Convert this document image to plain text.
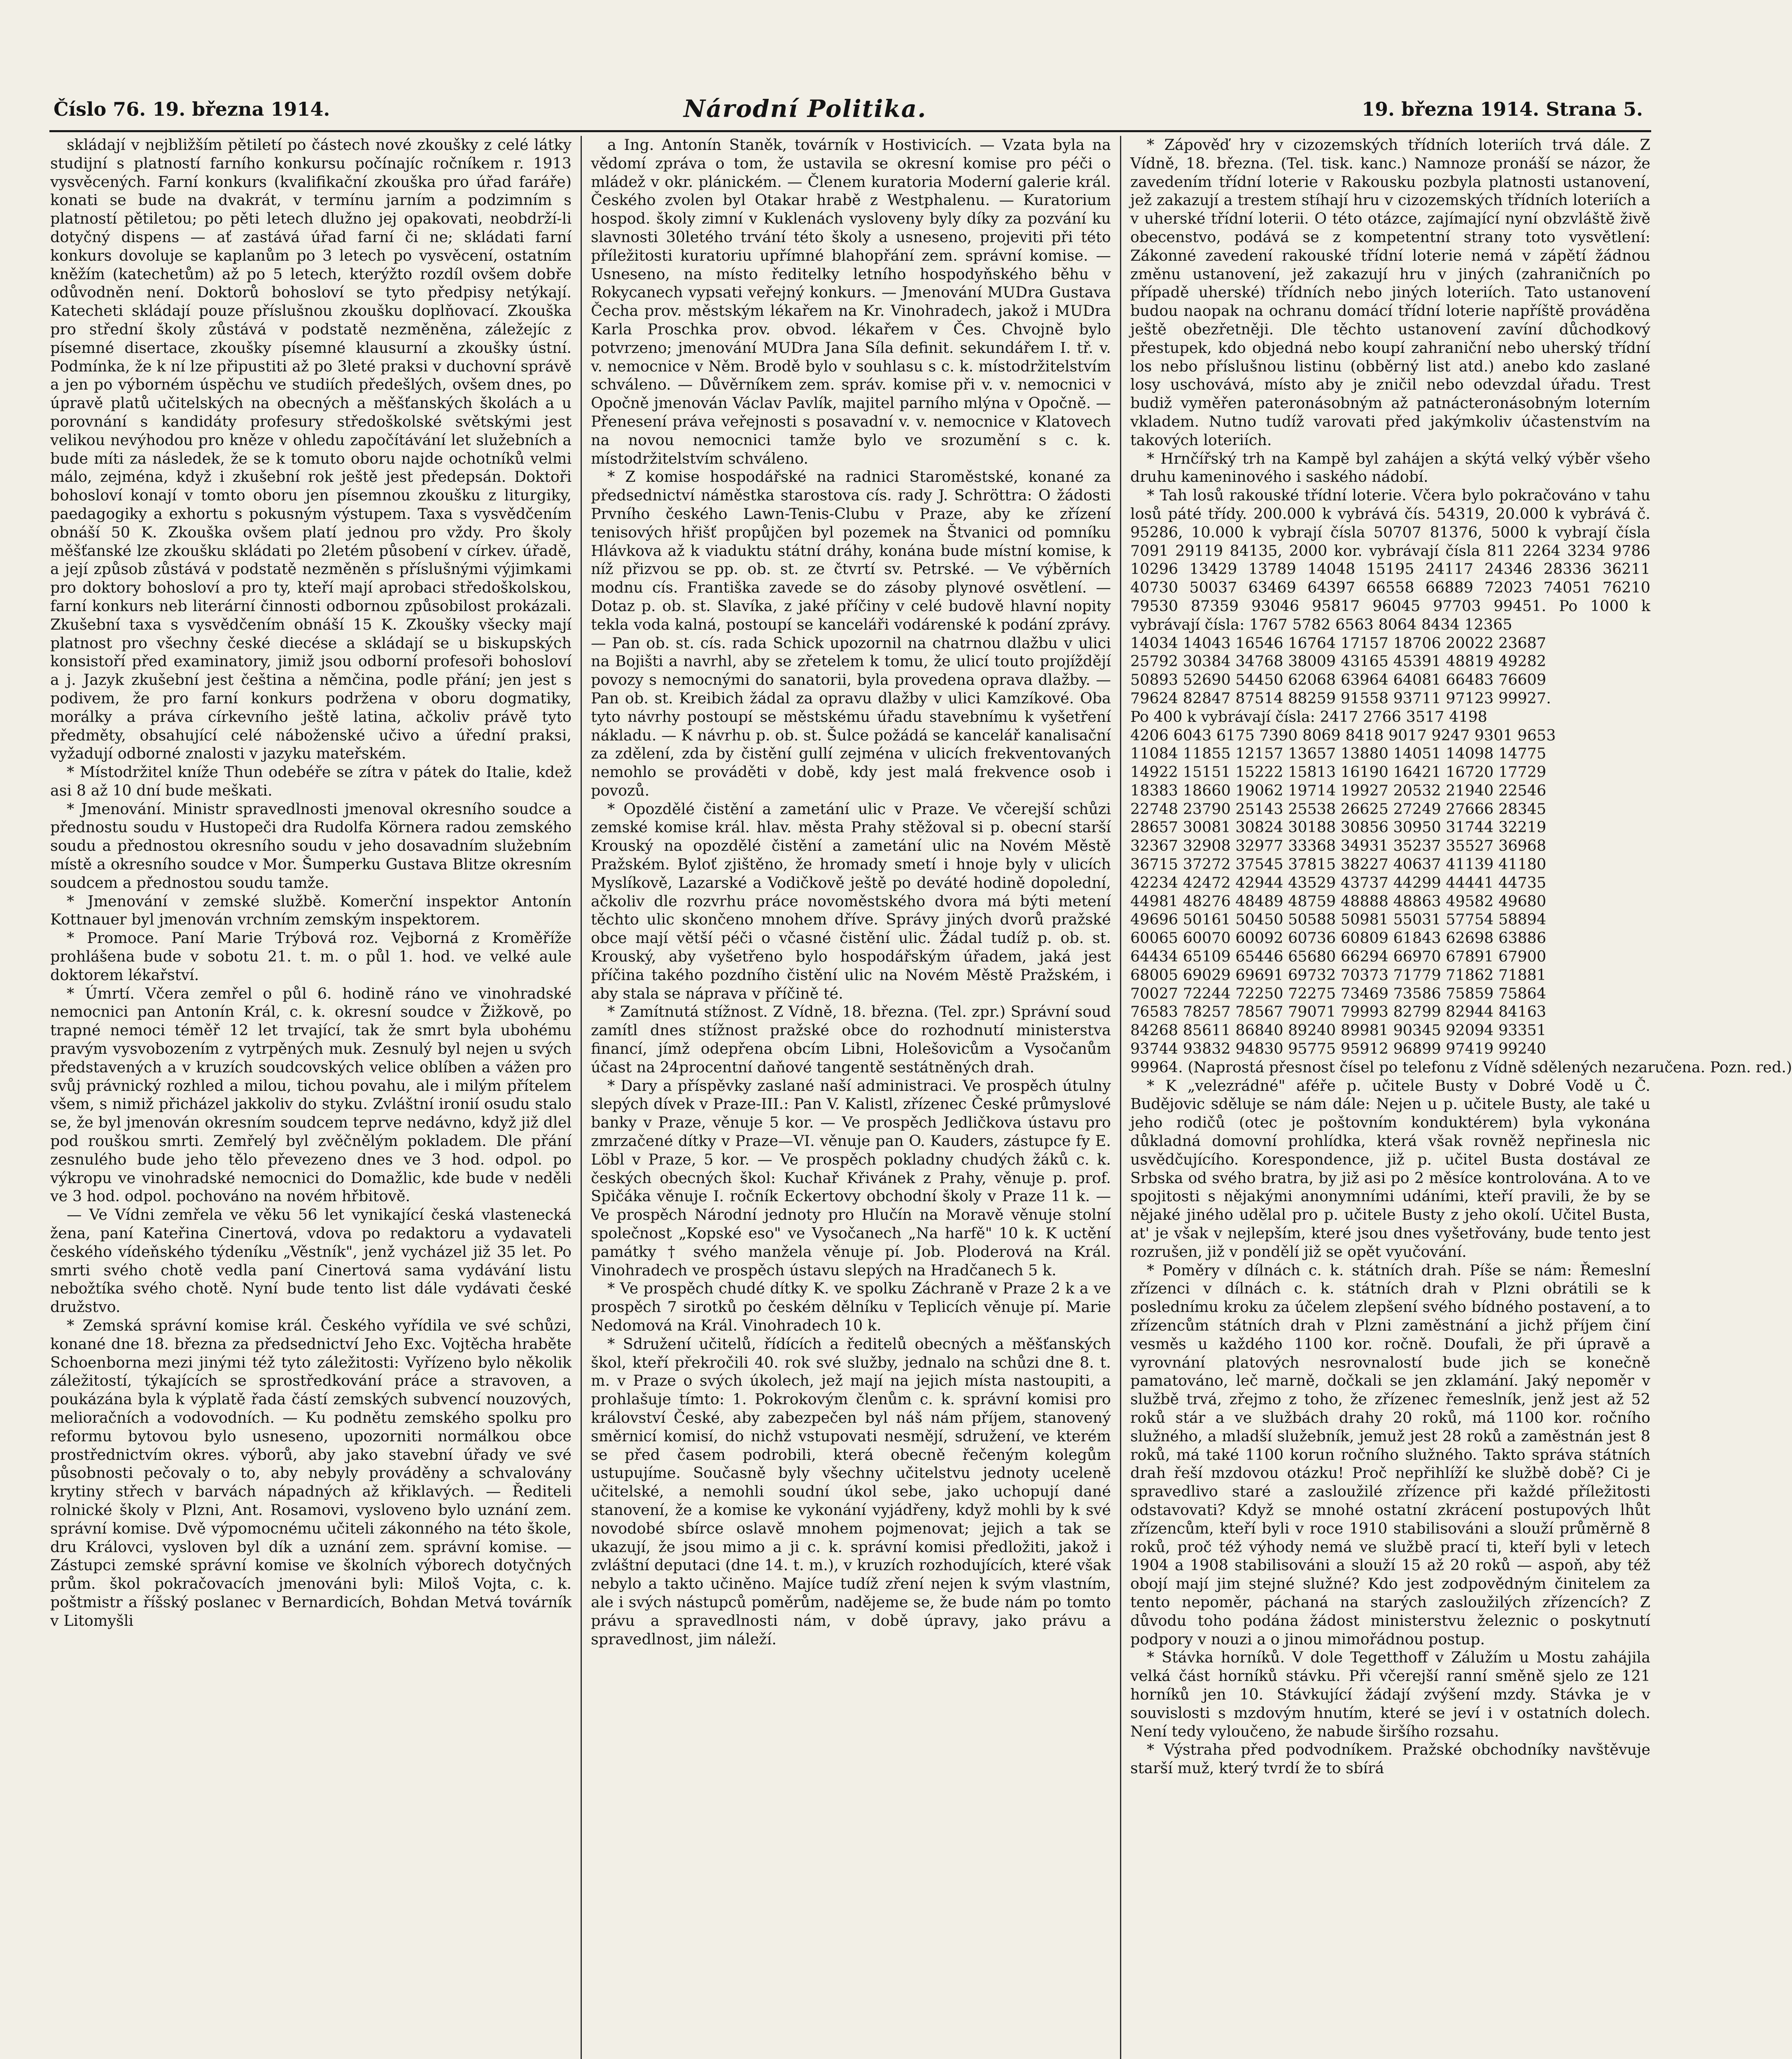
Číslo 76. 19. března 1914.	Národní Politika.	19. března 1914. Strana 5.

skládají v nejbližším pětiletí po částech nové zkoušky z celé látky studijní s platností farního konkursu počínajíc ročníkem r. 1913 vysvěcených. Farní konkurs (kvalifikační zkouška pro úřad faráře) konati se bude na dvakrát, v termínu jarním a podzimním s platností pětiletou; po pěti letech dlužno jej opakovati, neobdrží-li dotyčný dispens — ať zastává úřad farní či ne; skládati farní konkurs dovoluje se kaplanům po 3 letech po vysvěcení, ostatním kněžím (katechetům) až po 5 letech, kterýžto rozdíl ovšem dobře odůvodněn není. Doktorů bohosloví se tyto předpisy netýkají. Katecheti skládají pouze příslušnou zkoušku doplňovací. Zkouška pro střední školy zůstává v podstatě nezměněna, záležejíc z písemné disertace, zkoušky písemné klausurní a zkoušky ústní. Podmínka, že k ní lze připustiti až po 3leté praksi v duchovní správě a jen po výborném úspěchu ve studiích předešlých, ovšem dnes, po úpravě platů učitelských na obecných a měšťanských školách a u porovnání s kandidáty profesury středoškolské světskými jest velikou nevýhodou pro kněze v ohledu započítávání let služebních a bude míti za následek, že se k tomuto oboru najde ochotníků velmi málo, zejména, když i zkušební rok ještě jest předepsán. Doktoři bohosloví konají v tomto oboru jen písemnou zkoušku z liturgiky, paedagogiky a exhortu s pokusným výstupem. Taxa s vysvědčením obnáší 50 K. Zkouška ovšem platí jednou pro vždy. Pro školy měšťanské lze zkoušku skládati po 2letém působení v církev. úřadě, a její způsob zůstává v podstatě nezměněn s příslušnými výjimkami pro doktory bohosloví a pro ty, kteří mají aprobaci středoškolskou, farní konkurs neb literární činnosti odbornou způsobilost prokázali. Zkušební taxa s vysvědčením obnáší 15 K. Zkoušky všecky mají platnost pro všechny české diecése a skládají se u biskupských konsistoří před examinatory, jimiž jsou odborní profesoři bohosloví a j. Jazyk zkušební jest čeština a němčina, podle přání; jen jest s podivem, že pro farní konkurs podržena v oboru dogmatiky, morálky a práva církevního ještě latina, ačkoliv právě tyto předměty, obsahující celé náboženské učivo a úřední praksi, vyžadují odborné znalosti v jazyku mateřském.

* Místodržitel kníže Thun odebéře se zítra v pátek do Italie, kdež asi 8 až 10 dní bude meškati.

* Jmenování. Ministr spravedlnosti jmenoval okresního soudce a přednostu soudu v Hustopeči dra Rudolfa Körnera radou zemského soudu a přednostou okresního soudu v jeho dosavadním služebním místě a okresního soudce v Mor. Šumperku Gustava Blitze okresním soudcem a přednostou soudu tamže.

* Jmenování v zemské službě. Komerční inspektor Antonín Kottnauer byl jmenován vrchním zemským inspektorem.

* Promoce. Paní Marie Trýbová roz. Vejborná z Kroměříže prohlášena bude v sobotu 21. t. m. o půl 1. hod. ve velké aule doktorem lékařství.

* Úmrtí. Včera zemřel o půl 6. hodině ráno ve vinohradské nemocnici pan Antonín Král, c. k. okresní soudce v Žižkově, po trapné nemoci téměř 12 let trvající, tak že smrt byla ubohému pravým vysvobozením z vytrpěných muk. Zesnulý byl nejen u svých představených a v kruzích soudcovských velice oblíben a vážen pro svůj právnický rozhled a milou, tichou povahu, ale i milým přítelem všem, s nimiž přicházel jakkoliv do styku. Zvláštní ironií osudu stalo se, že byl jmenován okresním soudcem teprve nedávno, když již dlel pod rouškou smrti. Zemřelý byl zvěčnělým pokladem. Dle přání zesnulého bude jeho tělo převezeno dnes ve 3 hod. odpol. po výkropu ve vinohradské nemocnici do Domažlic, kde bude v neděli ve 3 hod. odpol. pochováno na novém hřbitově.

— Ve Vídni zemřela ve věku 56 let vynikající česká vlastenecká žena, paní Kateřina Cinertová, vdova po redaktoru a vydavateli českého vídeňského týdeníku „Věstník", jenž vycházel již 35 let. Po smrti svého chotě vedla paní Cinertová sama vydávání listu nebožtíka svého chotě. Nyní bude tento list dále vydávati české družstvo.

* Zemská správní komise král. Českého vyřídila ve své schůzi, konané dne 18. března za předsednictví Jeho Exc. Vojtěcha hraběte Schoenborna mezi jinými též tyto záležitosti: Vyřízeno bylo několik záležitostí, týkajících se sprostředkování práce a stravoven, a poukázána byla k výplatě řada částí zemských subvencí nouzových, melioračních a vodovodních. — Ku podnětu zemského spolku pro reformu bytovou bylo usneseno, upozorniti normálkou obce prostřednictvím okres. výborů, aby jako stavební úřady ve své působnosti pečovaly o to, aby nebyly prováděny a schvalovány krytiny střech v barvách nápadných až křiklavých. — Řediteli rolnické školy v Plzni, Ant. Rosamovi, vysloveno bylo uznání zem. správní komise. Dvě výpomocnému učiteli zákonného na této škole, dru Královci, vysloven byl dík a uznání zem. správní komise. — Zástupci zemské správní komise ve školních výborech dotyčných prům. škol pokračovacích jmenováni byli: Miloš Vojta, c. k. poštmistr a říšský poslanec v Bernardicích, Bohdan Metvá továrník v Litomyšli

a Ing. Antonín Staněk, továrník v Hostivicích. — Vzata byla na vědomí zpráva o tom, že ustavila se okresní komise pro péči o mládež v okr. plánickém. — Členem kuratoria Moderní galerie král. Českého zvolen byl Otakar hrabě z Westphalenu. — Kuratorium hospod. školy zimní v Kuklenách vysloveny byly díky za pozvání ku slavnosti 30letého trvání této školy a usneseno, projeviti při této příležitosti kuratoriu upřímné blahopřání zem. správní komise. — Usneseno, na místo ředitelky letního hospodyňského běhu v Rokycanech vypsati veřejný konkurs. — Jmenování MUDra Gustava Čecha prov. městským lékařem na Kr. Vinohradech, jakož i MUDra Karla Proschka prov. obvod. lékařem v Čes. Chvojně bylo potvrzeno; jmenování MUDra Jana Síla definit. sekundářem I. tř. v. v. nemocnice v Něm. Brodě bylo v souhlasu s c. k. místodržitelstvím schváleno. — Důvěrníkem zem. správ. komise při v. v. nemocnici v Opočně jmenován Václav Pavlík, majitel parního mlýna v Opočně. — Přenesení práva veřejnosti s posavadní v. v. nemocnice v Klatovech na novou nemocnici tamže bylo ve srozumění s c. k. místodržitelstvím schváleno.

* Z komise hospodářské na radnici Staroměstské, konané za předsednictví náměstka starostova cís. rady J. Schröttra: O žádosti Prvního českého Lawn-Tenis-Clubu v Praze, aby ke zřízení tenisových hřišť propůjčen byl pozemek na Štvanici od pomníku Hlávkova až k viaduktu státní dráhy, konána bude místní komise, k níž přizvou se pp. ob. st. ze čtvrtí sv. Petrské. — Ve výběrních modnu cís. Františka zavede se do zásoby plynové osvětlení. — Dotaz p. ob. st. Slavíka, z jaké příčiny v celé budově hlavní nopity tekla voda kalná, postoupí se kanceláři vodárenské k podání zprávy. — Pan ob. st. cís. rada Schick upozornil na chatrnou dlažbu v ulici na Bojišti a navrhl, aby se zřetelem k tomu, že ulicí touto projíždějí povozy s nemocnými do sanatorii, byla provedena oprava dlažby. — Pan ob. st. Kreibich žádal za opravu dlažby v ulici Kamzíkové. Oba tyto návrhy postoupí se městskému úřadu stavebnímu k vyšetření nákladu. — K návrhu p. ob. st. Šulce požádá se kancelář kanalisační za zdělení, zda by čistění gullí zejména v ulicích frekventovaných nemohlo se prováděti v době, kdy jest malá frekvence osob i povozů.

* Opozdělé čistění a zametání ulic v Praze. Ve včerejší schůzi zemské komise král. hlav. města Prahy stěžoval si p. obecní starší Krouský na opozdělé čistění a zametání ulic na Novém Městě Pražském. Byloť zjištěno, že hromady smetí i hnoje byly v ulicích Myslíkově, Lazarské a Vodičkově ještě po deváté hodině dopolední, ačkoliv dle rozvrhu práce novoměstského dvora má býti metení těchto ulic skončeno mnohem dříve. Správy jiných dvorů pražské obce mají větší péči o včasné čistění ulic. Žádal tudíž p. ob. st. Krouský, aby vyšetřeno bylo hospodářským úřadem, jaká jest příčina takého pozdního čistění ulic na Novém Městě Pražském, i aby stala se náprava v příčině té.

* Zamítnutá stížnost. Z Vídně, 18. března. (Tel. zpr.) Správní soud zamítl dnes stížnost pražské obce do rozhodnutí ministerstva financí, jímž odepřena obcím Libni, Holešovicům a Vysočanům účast na 24procentní daňové tangentě sestátněných drah.

* Dary a příspěvky zaslané naší administraci. Ve prospěch útulny slepých dívek v Praze-III.: Pan V. Kalistl, zřízenec České průmyslové banky v Praze, věnuje 5 kor. — Ve prospěch Jedličkova ústavu pro zmrzačené dítky v Praze—VI. věnuje pan O. Kauders, zástupce fy E. Löbl v Praze, 5 kor. — Ve prospěch pokladny chudých žáků c. k. českých obecných škol: Kuchař Křivánek z Prahy, věnuje p. prof. Spičáka věnuje I. ročník Eckertovy obchodní školy v Praze 11 k. — Ve prospěch Národní jednoty pro Hlučín na Moravě věnuje stolní společnost „Kopské eso" ve Vysočanech „Na harfě" 10 k. K uctění památky † svého manžela věnuje pí. Job. Ploderová na Král. Vinohradech ve prospěch ústavu slepých na Hradčanech 5 k.

* Ve prospěch chudé dítky K. ve spolku Záchraně v Praze 2 k a ve prospěch 7 sirotků po českém dělníku v Teplicích věnuje pí. Marie Nedomová na Král. Vinohradech 10 k.

* Sdružení učitelů, řídících a ředitelů obecných a měšťanských škol, kteří překročili 40. rok své služby, jednalo na schůzi dne 8. t. m. v Praze o svých úkolech, jež mají na jejich místa nastoupiti, a prohlašuje tímto: 1. Pokrokovým členům c. k. správní komisi pro království České, aby zabezpečen byl náš nám příjem, stanovený směrnicí komisí, do nichž vstupovati nesmějí, sdružení, ve kterém se před časem podrobili, která obecně řečeným kolegům ustupujíme. Současně byly všechny učitelstvu jednoty uceleně učitelské, a nemohli soudní úkol sebe, jako uchopují dané stanovení, že a komise ke vykonání vyjádřeny, když mohli by k své novodobé sbírce oslavě mnohem pojmenovat; jejich a tak se ukazují, že jsou mimo a ji c. k. správní komisi předložiti, jakož i zvláštní deputaci (dne 14. t. m.), v kruzích rozhodujících, které však nebylo a takto učiněno. Majíce tudíž zření nejen k svým vlastním, ale i svých nástupců poměrům, nadějeme se, že bude nám po tomto právu a spravedlnosti nám, v době úpravy, jako právu a spravedlnost, jim náleží.

* Zápověď hry v cizozemských třídních loteriích trvá dále. Z Vídně, 18. března. (Tel. tisk. kanc.) Namnoze pronáší se názor, že zavedením třídní loterie v Rakousku pozbyla platnosti ustanovení, jež zakazují a trestem stíhají hru v cizozemských třídních loteriích a v uherské třídní loterii. O této otázce, zajímající nyní obzvláště živě obecenstvo, podává se z kompetentní strany toto vysvětlení: Zákonné zavedení rakouské třídní loterie nemá v zápětí žádnou změnu ustanovení, jež zakazují hru v jiných (zahraničních po případě uherské) třídních nebo jiných loteriích. Tato ustanovení budou naopak na ochranu domácí třídní loterie napříště prováděna ještě obezřetněji. Dle těchto ustanovení zavíní důchodkový přestupek, kdo objedná nebo koupí zahraniční nebo uherský třídní los nebo příslušnou listinu (obběrný list atd.) anebo kdo zaslané losy uschovává, místo aby je zničil nebo odevzdal úřadu. Trest budiž vyměřen pateronásobným až patnácteronásobným loterním vkladem. Nutno tudíž varovati před jakýmkoliv účastenstvím na takových loteriích.

* Hrnčířský trh na Kampě byl zahájen a skýtá velký výběr všeho druhu kameninového i saského nádobí.

* Tah losů rakouské třídní loterie. Včera bylo pokračováno v tahu losů páté třídy. 200.000 k vybrává čís. 54319, 20.000 k vybrává č. 95286, 10.000 k vybrají čísla 50707 81376, 5000 k vybrají čísla 7091 29119 84135, 2000 kor. vybrávají čísla 811 2264 3234 9786 10296 13429 13789 14048 15195 24117 24346 28336 36211 40730 50037 63469 64397 66558 66889 72023 74051 76210 79530 87359 93046 95817 96045 97703 99451. Po 1000 k vybrávají čísla: 1767 5782 6563 8064 8434 12365

14034 14043 16546 16764 17157 18706 20022 23687
25792 30384 34768 38009 43165 45391 48819 49282
50893 52690 54450 62068 63964 64081 66483 76609
79624 82847 87514 88259 91558 93711 97123 99927.
Po 400 k vybrávají čísla: 2417 2766 3517 4198
4206 6043 6175 7390 8069 8418 9017 9247 9301 9653
11084 11855 12157 13657 13880 14051 14098 14775
14922 15151 15222 15813 16190 16421 16720 17729
18383 18660 19062 19714 19927 20532 21940 22546
22748 23790 25143 25538 26625 27249 27666 28345
28657 30081 30824 30188 30856 30950 31744 32219
32367 32908 32977 33368 34931 35237 35527 36968
36715 37272 37545 37815 38227 40637 41139 41180
42234 42472 42944 43529 43737 44299 44441 44735
44981 48276 48489 48759 48888 48863 49582 49680
49696 50161 50450 50588 50981 55031 57754 58894
60065 60070 60092 60736 60809 61843 62698 63886
64434 65109 65446 65680 66294 66970 67891 67900
68005 69029 69691 69732 70373 71779 71862 71881
70027 72244 72250 72275 73469 73586 75859 75864
76583 78257 78567 79071 79993 82799 82944 84163
84268 85611 86840 89240 89981 90345 92094 93351
93744 93832 94830 95775 95912 96899 97419 99240
99964. (Naprostá přesnost čísel po telefonu z Vídně sdělených nezaručena. Pozn. red.)

* K „velezrádné" aféře p. učitele Busty v Dobré Vodě u Č. Budějovic sděluje se nám dále: Nejen u p. učitele Busty, ale také u jeho rodičů (otec je poštovním konduktérem) byla vykonána důkladná domovní prohlídka, která však rovněž nepřinesla nic usvědčujícího. Korespondence, již p. učitel Busta dostával ze Srbska od svého bratra, by již asi po 2 měsíce kontrolována. A to ve spojitosti s nějakými anonymními udáními, kteří pravili, že by se nějaké jiného udělal pro p. učitele Busty z jeho okolí. Učitel Busta, at' je však v nejlepším, které jsou dnes vyšetřovány, bude tento jest rozrušen, již v pondělí již se opět vyučování.

* Poměry v dílnách c. k. státních drah. Píše se nám: Řemeslní zřízenci v dílnách c. k. státních drah v Plzni obrátili se k poslednímu kroku za účelem zlepšení svého bídného postavení, a to zřízencům státních drah v Plzni zaměstnání a jichž příjem činí vesměs u každého 1100 kor. ročně. Doufali, že při úpravě a vyrovnání platových nesrovnalostí bude jich se konečně pamatováno, leč marně, dočkali se jen zklamání. Jaký nepoměr v službě trvá, zřejmo z toho, že zřízenec řemeslník, jenž jest až 52 roků stár a ve službách drahy 20 roků, má 1100 kor. ročního služného, a mladší služebník, jemuž jest 28 roků a zaměstnán jest 8 roků, má také 1100 korun ročního služného. Takto správa státních drah řeší mzdovou otázku! Proč nepřihlíží ke službě době? Ci je spravedlivo staré a zasloužilé zřízence při každé příležitosti odstavovati? Když se mnohé ostatní zkrácení postupových lhůt zřízencům, kteří byli v roce 1910 stabilisováni a slouží průměrně 8 roků, proč též výhody nemá ve službě prací ti, kteří byli v letech 1904 a 1908 stabilisováni a slouží 15 až 20 roků — aspoň, aby též obojí mají jim stejné služné? Kdo jest zodpovědným činitelem za tento nepoměr, páchaná na starých zasloužilých zřízencích? Z důvodu toho podána žádost ministerstvu železnic o poskytnutí podpory v nouzi a o jinou mimořádnou postup.

* Stávka horníků. V dole Tegetthoff v Zálužím u Mostu zahájila velká část horníků stávku. Při včerejší ranní směně sjelo ze 121 horníků jen 10. Stávkující žádají zvýšení mzdy. Stávka je v souvislosti s mzdovým hnutím, které se jeví i v ostatních dolech. Není tedy vyloučeno, že nabude širšího rozsahu.

* Výstraha před podvodníkem. Pražské obchodníky navštěvuje starší muž, který tvrdí že to sbírá
